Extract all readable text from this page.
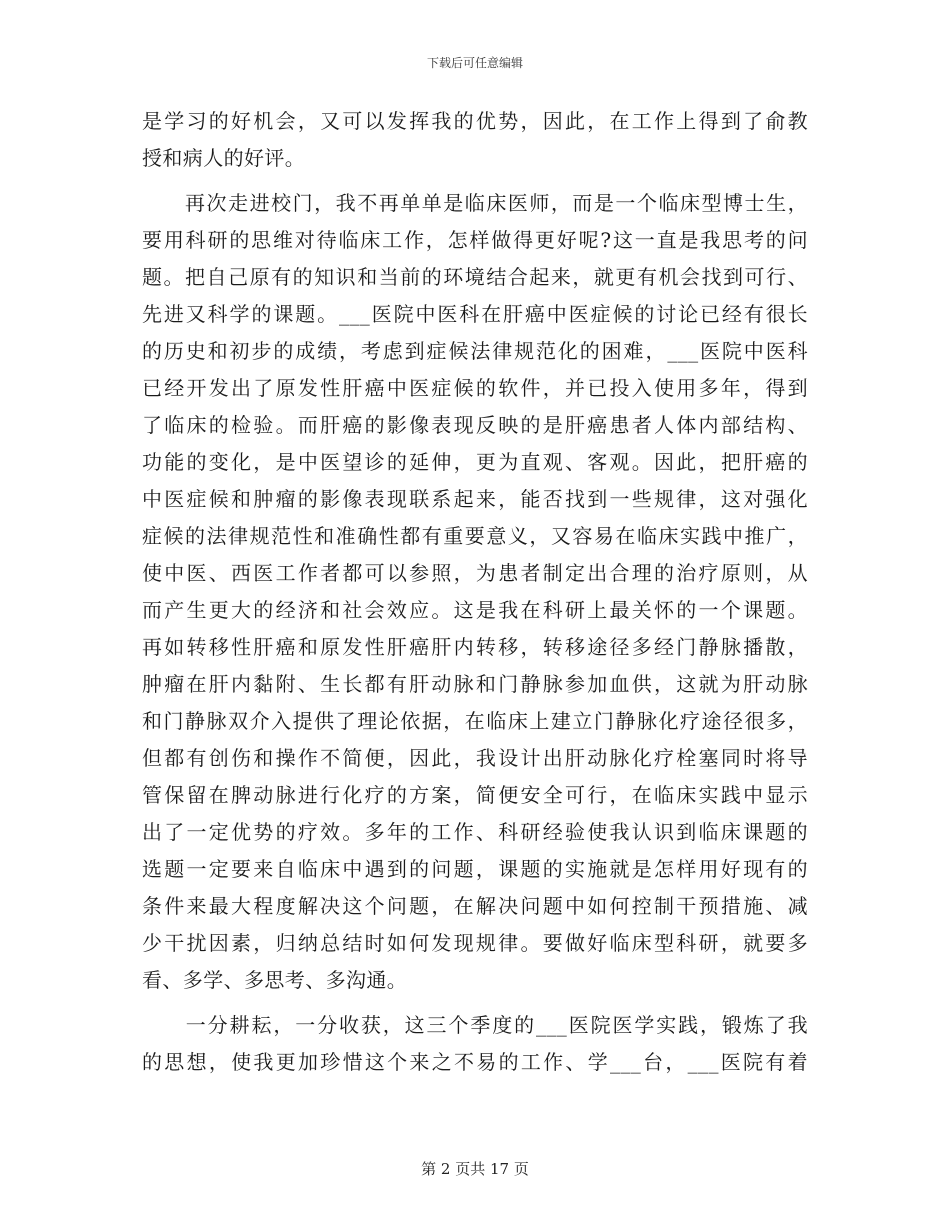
下载后可任意编辑
是学习的好机会，又可以发挥我的优势，因此，在工作上得到了俞教
授和病人的好评。
　　再次走进校门，我不再单单是临床医师，而是一个临床型博士生，
要用科研的思维对待临床工作，怎样做得更好呢?这一直是我思考的问
题。把自己原有的知识和当前的环境结合起来，就更有机会找到可行、
先进又科学的课题。___医院中医科在肝癌中医症候的讨论已经有很长
的历史和初步的成绩，考虑到症候法律规范化的困难，___医院中医科
已经开发出了原发性肝癌中医症候的软件，并已投入使用多年，得到
了临床的检验。而肝癌的影像表现反映的是肝癌患者人体内部结构、
功能的变化，是中医望诊的延伸，更为直观、客观。因此，把肝癌的
中医症候和肿瘤的影像表现联系起来，能否找到一些规律，这对强化
症候的法律规范性和准确性都有重要意义，又容易在临床实践中推广，
使中医、西医工作者都可以参照，为患者制定出合理的治疗原则，从
而产生更大的经济和社会效应。这是我在科研上最关怀的一个课题。
再如转移性肝癌和原发性肝癌肝内转移，转移途径多经门静脉播散，
肿瘤在肝内黏附、生长都有肝动脉和门静脉参加血供，这就为肝动脉
和门静脉双介入提供了理论依据，在临床上建立门静脉化疗途径很多，
但都有创伤和操作不简便，因此，我设计出肝动脉化疗栓塞同时将导
管保留在脾动脉进行化疗的方案，简便安全可行，在临床实践中显示
出了一定优势的疗效。多年的工作、科研经验使我认识到临床课题的
选题一定要来自临床中遇到的问题，课题的实施就是怎样用好现有的
条件来最大程度解决这个问题，在解决问题中如何控制干预措施、减
少干扰因素，归纳总结时如何发现规律。要做好临床型科研，就要多
看、多学、多思考、多沟通。
　　一分耕耘，一分收获，这三个季度的___医院医学实践，锻炼了我
的思想，使我更加珍惜这个来之不易的工作、学___台，___医院有着
第 2 页共 17 页
